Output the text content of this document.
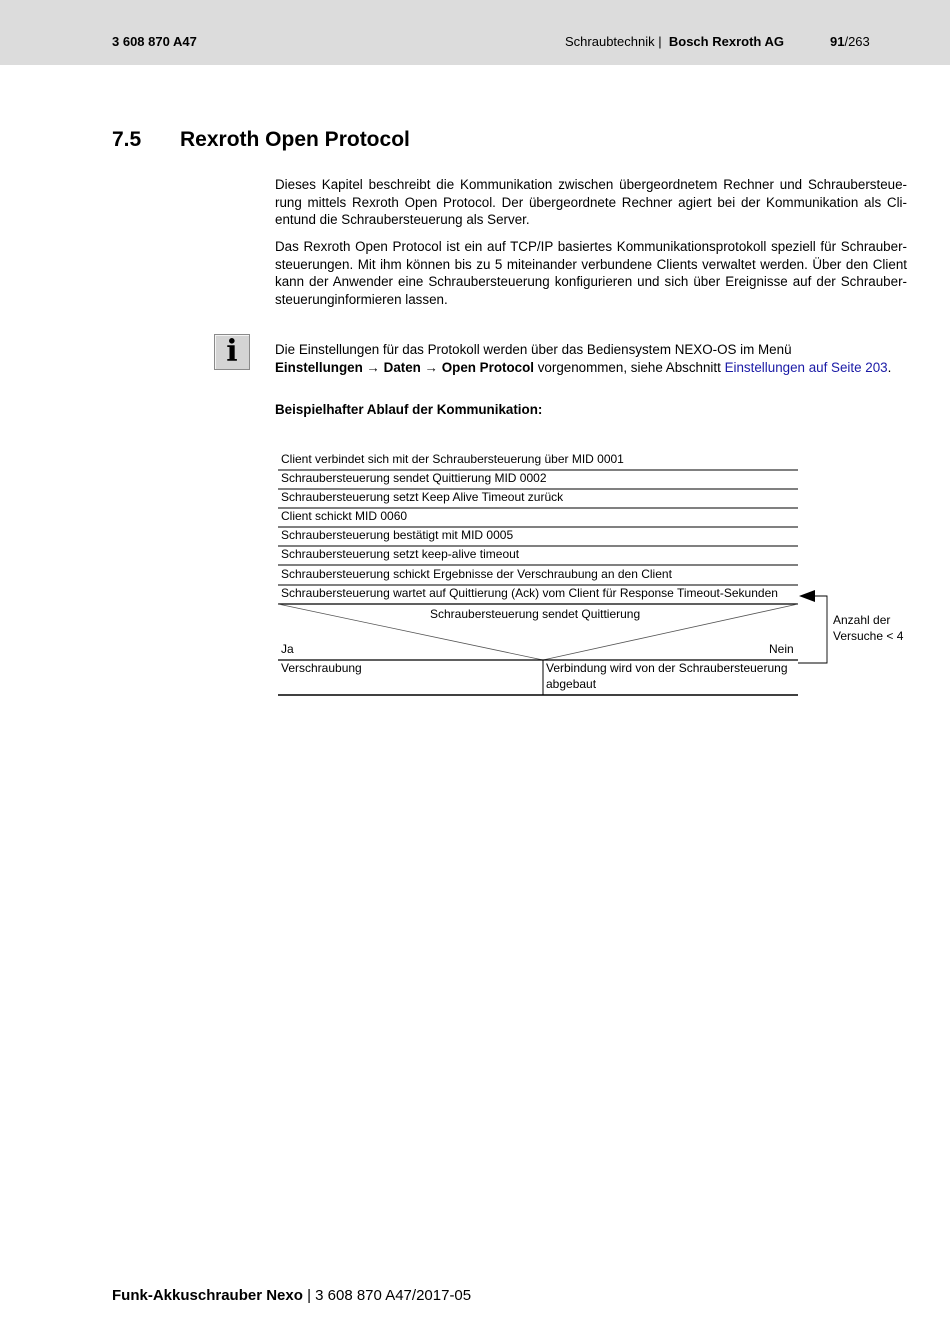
3 608 870 A47	Schraubtechnik | Bosch Rexroth AG	91/263
7.5 Rexroth Open Protocol

Dieses Kapitel beschreibt die Kommunikation zwischen übergeordnetem Rechner und Schraubersteue-rung mittels Rexroth Open Protocol. Der übergeordnete Rechner agiert bei der Kommunikation als Cli-entund die Schraubersteuerung als Server.

Das Rexroth Open Protocol ist ein auf TCP/IP basiertes Kommunikationsprotokoll speziell für Schrauber-steuerungen. Mit ihm können bis zu 5 miteinander verbundene Clients verwaltet werden. Über den Client kann der Anwender eine Schraubersteuerung konfigurieren und sich über Ereignisse auf der Schrauber-steuerunginformieren lassen.

i	Die Einstellungen für das Protokoll werden über das Bediensystem NEXO-OS im Menü
Einstellungen → Daten → Open Protocol vorgenommen, siehe Abschnitt Einstellungen auf Seite 203.
Beispielhafter Ablauf der Kommunikation:
Client verbindet sich mit der Schraubersteuerung über MID 0001
Schraubersteuerung sendet Quittierung MID 0002
Schraubersteuerung setzt Keep Alive Timeout zurück
Client schickt MID 0060
Schraubersteuerung bestätigt mit MID 0005
Schraubersteuerung setzt keep-alive timeout
Schraubersteuerung schickt Ergebnisse der Verschraubung an den Client
Schraubersteuerung wartet auf Quittierung (Ack) vom Client für Response Timeout-Sekunden
Schraubersteuerung sendet Quittierung
Ja	Nein
Verschraubung	Verbindung wird von der Schraubersteuerung
abgebaut
Anzahl der
Versuche < 4
Funk-Akkuschrauber Nexo | 3 608 870 A47/2017-05
